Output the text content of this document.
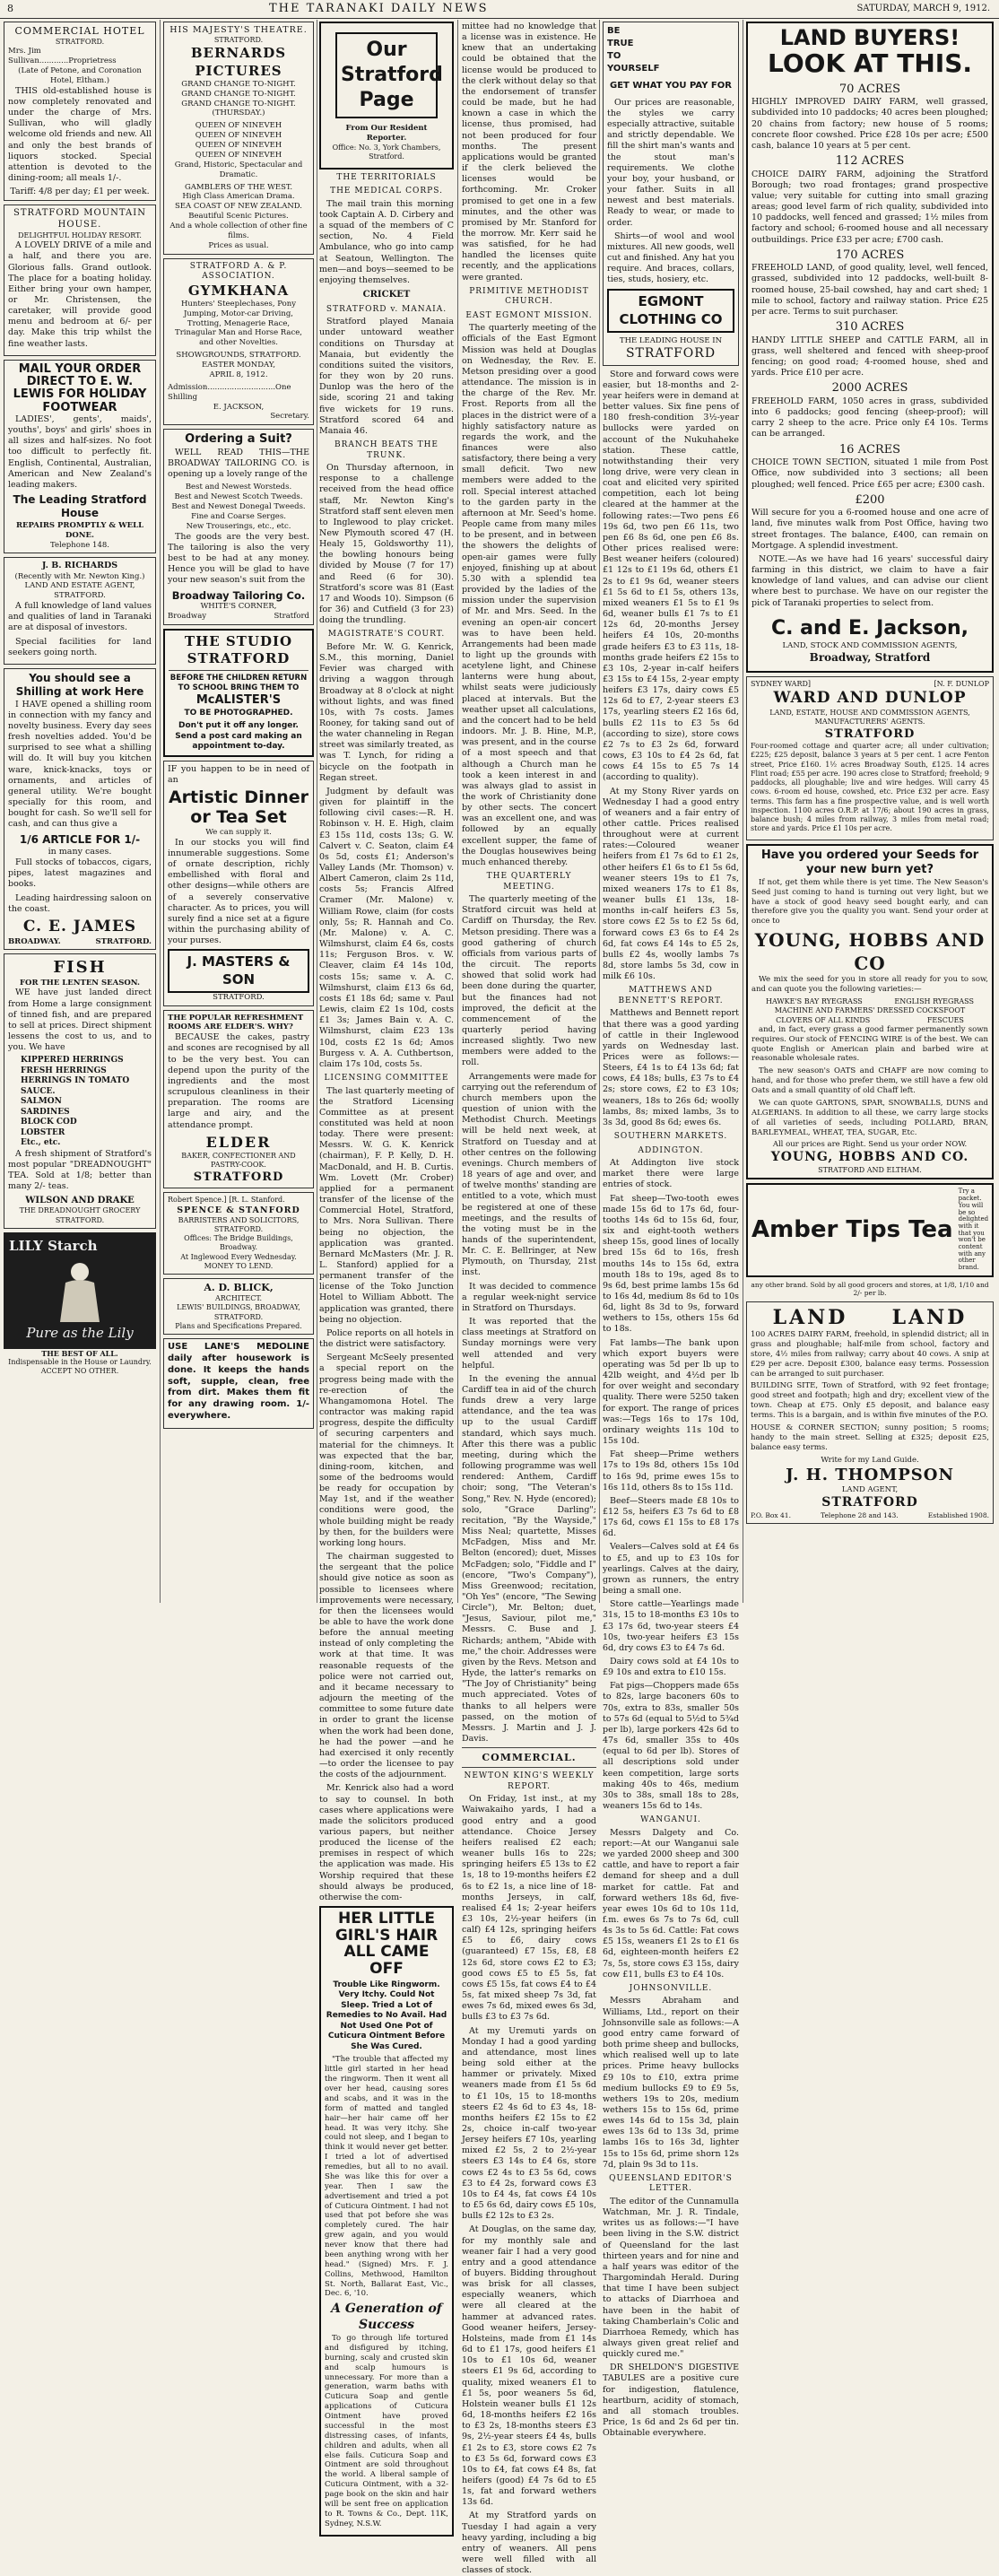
8	THE TARANAKI DAILY NEWS	SATURDAY, MARCH 9, 1912.
COMMERCIAL HOTEL
STRATFORD.
Mrs. Jim Sullivan............Proprietress
(Late of Petone, and Coronation Hotel, Eltham.)

THIS old-established house is now completely renovated and under the charge of Mrs. Sullivan, who will gladly welcome old friends and new. All and only the best brands of liquors stocked. Special attention is devoted to the dining-room; all meals 1/-.

Tariff: 4/8 per day; £1 per week.
STRATFORD MOUNTAIN HOUSE.
DELIGHTFUL HOLIDAY RESORT.

A LOVELY DRIVE of a mile and a half, and there you are. Glorious falls. Grand outlook. The place for a boating holiday. Either bring your own hamper, or Mr. Christensen, the caretaker, will provide good menu and bedroom at 6/- per day. Make this trip whilst the fine weather lasts.

MAIL YOUR ORDER DIRECT TO E. W. LEWIS FOR HOLIDAY FOOTWEAR

LADIES', gents', maids', youths', boys' and girls' shoes in all sizes and half-sizes. No foot too difficult to perfectly fit. English, Continental, Australian, American and New Zealand's leading makers.

The Leading Stratford House
REPAIRS PROMPTLY & WELL DONE.
Telephone 148.
J. B. RICHARDS
(Recently with Mr. Newton King.)
LAND AND ESTATE AGENT,
STRATFORD.

A full knowledge of land values and qualities of land in Taranaki are at disposal of investors.

Special facilities for land seekers going north.

You should see a Shilling at work Here

I HAVE opened a shilling room in connection with my fancy and novelty business. Every day sees fresh novelties added. You'd be surprised to see what a shilling will do. It will buy you kitchen ware, knick-knacks, toys or ornaments, and articles of general utility. We're bought specially for this room, and bought for cash. So we'll sell for cash, and can thus give a

1/6 ARTICLE FOR 1/-
in many cases.

Full stocks of tobaccos, cigars, pipes, latest magazines and books.

Leading hairdressing saloon on the coast.

C. E. JAMES
BROADWAY.	STRATFORD.
FISH
FOR THE LENTEN SEASON.

WE have just landed direct from Home a large consignment of tinned fish, and are prepared to sell at prices. Direct shipment lessens the cost to us, and to you. We have

KIPPERED HERRINGS
FRESH HERRINGS
HERRINGS IN TOMATO SAUCE.
SALMON
SARDINES
BLOCK COD
LOBSTER
Etc., etc.

A fresh shipment of Stratford's most popular "DREADNOUGHT" TEA. Sold at 1/8; better than many 2/- teas.

WILSON AND DRAKE
THE DREADNOUGHT GROCERY
STRATFORD.
LILY Starch
Pure as the Lily
THE BEST OF ALL.
Indispensable in the House or Laundry.
ACCEPT NO OTHER.
HIS MAJESTY'S THEATRE.
STRATFORD.
BERNARDS PICTURES
GRAND CHANGE TO-NIGHT.
GRAND CHANGE TO-NIGHT.
GRAND CHANGE TO-NIGHT.
(THURSDAY.)
QUEEN OF NINEVEH
QUEEN OF NINEVEH
QUEEN OF NINEVEH
QUEEN OF NINEVEH
Grand, Historic, Spectacular and Dramatic.
GAMBLERS OF THE WEST.
High Class American Drama.
SEA COAST OF NEW ZEALAND.
Beautiful Scenic Pictures.
And a whole collection of other fine films.
Prices as usual.
STRATFORD A. & P. ASSOCIATION.
GYMKHANA
Hunters' Steeplechases, Pony Jumping, Motor-car Driving, Trotting, Menagerie Race, Trinagular Man and Horse Race, and other Novelties.
SHOWGROUNDS, STRATFORD.
EASTER MONDAY,
APRIL 8, 1912.
Admission............................One Shilling
E. JACKSON,
Secretary.
Ordering a Suit?

WELL READ THIS—THE BROADWAY TAILORING CO. is opening up a lovely range of the

Best and Newest Worsteds.
Best and Newest Scotch Tweeds.
Best and Newest Donegal Tweeds.
Fine and Coarse Serges.
New Trouserings, etc., etc.

The goods are the very best. The tailoring is also the very best to be had at any money. Hence you will be glad to have your new season's suit from the

Broadway Tailoring Co.
WHITE'S CORNER,
Broadway	Stratford
THE STUDIO
STRATFORD
BEFORE THE CHILDREN RETURN TO SCHOOL BRING THEM TO
McALISTER'S
TO BE PHOTOGRAPHED.
Don't put it off any longer. Send a post card making an appointment to-day.

IF you happen to be in need of an

Artistic Dinner or Tea Set
We can supply it.

In our stocks you will find innumerable suggestions. Some of ornate description, richly embellished with floral and other designs—while others are of a severely conservative character. As to prices, you will surely find a nice set at a figure within the purchasing ability of your purses.

J. MASTERS & SON
STRATFORD.
THE POPULAR REFRESHMENT ROOMS ARE ELDER'S. WHY?

BECAUSE the cakes, pastry and scones are recognised by all to be the very best. You can depend upon the purity of the ingredients and the most scrupulous cleanliness in their preparation. The rooms are large and airy, and the attendance prompt.

ELDER
BAKER, CONFECTIONER AND PASTRY-COOK.
STRATFORD
Robert Spence.] [R. L. Stanford.
SPENCE & STANFORD
BARRISTERS AND SOLICITORS, STRATFORD.
Offices: The Bridge Buildings, Broadway.
At Inglewood Every Wednesday.
MONEY TO LEND.
A. D. BLICK,
ARCHITECT.
LEWIS' BUILDINGS, BROADWAY, STRATFORD.
Plans and Specifications Prepared.

USE LANE'S MEDOLINE daily after housework is done. It keeps the hands soft, supple, clean, free from dirt. Makes them fit for any drawing room. 1/- everywhere.

Our Stratford Page
From Our Resident Reporter.
Office: No. 3, York Chambers, Stratford.
THE TERRITORIALS
THE MEDICAL CORPS.

The mail train this morning took Captain A. D. Cirbery and a squad of the members of C section, No. 4 Field Ambulance, who go into camp at Seatoun, Wellington. The men—and boys—seemed to be enjoying themselves.

CRICKET
STRATFORD v. MANAIA.

Stratford played Manaia under untoward weather conditions on Thursday at Manaia, but evidently the conditions suited the visitors, for they won by 20 runs. Dunlop was the hero of the side, scoring 21 and taking five wickets for 19 runs. Stratford scored 64 and Manaia 46.

BRANCH BEATS THE TRUNK.

On Thursday afternoon, in response to a challenge received from the head office staff, Mr. Newton King's Stratford staff sent eleven men to Inglewood to play cricket. New Plymouth scored 47 (H. Healy 15, Goldsworthy 11), the bowling honours being divided by Mouse (7 for 17) and Reed (6 for 30). Stratford's score was 81 (East 17 and Woods 10). Simpson (6 for 36) and Cutfield (3 for 23) doing the trundling.

MAGISTRATE'S COURT.

Before Mr. W. G. Kenrick, S.M., this morning, Daniel Fevier was charged with driving a waggon through Broadway at 8 o'clock at night without lights, and was fined 10s, with 7s costs. James Rooney, for taking sand out of the water channeling in Regan street was similarly treated, as was T. Lynch, for riding a bicycle on the footpath in Regan street.

Judgment by default was given for plaintiff in the following civil cases:—R. H. Robinson v. H. E. High, claim £3 15s 11d, costs 13s; G. W. Calvert v. C. Seaton, claim £4 0s 5d, costs £1; Anderson's Valley Lands (Mr. Thomson) v. Albert Cameron, claim 2s 11d, costs 5s; Francis Alfred Cramer (Mr. Malone) v. William Rowe, claim (for costs only, 5s; R. Hannah and Co. (Mr. Malone) v. A. C. Wilmshurst, claim £4 6s, costs 11s; Ferguson Bros. v. W. Cleaver, claim £4 14s 10d, costs 15s; same v. A. C. Wilmshurst, claim £13 6s 6d, costs £1 18s 6d; same v. Paul Lewis, claim £2 1s 10d, costs £1 3s; James Bain v. A. C. Wilmshurst, claim £23 13s 10d, costs £2 1s 6d; Amos Burgess v. A. A. Cuthbertson, claim 17s 10d, costs 5s.

LICENSING COMMITTEE

The last quarterly meeting of the Stratford Licensing Committee as at present constituted was held at noon today. There were present: Messrs. W. G. K. Kenrick (chairman), F. P. Kelly, D. H. MacDonald, and H. B. Curtis. Wm. Lovett (Mr. Crober) applied for a permanent transfer of the license of the Commercial Hotel, Stratford, to Mrs. Nora Sullivan. There being no objection, the application was granted. Bernard McMasters (Mr. J. R. L. Stanford) applied for a permanent transfer of the license of the Toko Junction Hotel to William Abbott. The application was granted, there being no objection.

Police reports on all hotels in the district were satisfactory.

Sergeant McSeely presented a special report on the progress being made with the re-erection of the Whangamomona Hotel. The contractor was making rapid progress, despite the difficulty of securing carpenters and material for the chimneys. It was expected that the bar, dining-room, kitchen, and some of the bedrooms would be ready for occupation by May 1st, and if the weather conditions were good, the whole building might be ready by then, for the builders were working long hours.

The chairman suggested to the sergeant that the police should give notice as soon as possible to licensees where improvements were necessary, for then the licensees would be able to have the work done before the annual meeting instead of only completing the work at that time. It was reasonable requests of the police were not carried out, and it became necessary to adjourn the meeting of the committee to some future date in order to grant the license when the work had been done, he had the power —and he had exercised it only recently —to order the licensee to pay the costs of the adjournment.

Mr. Kenrick also had a word to say to counsel. In both cases where applications were made the solicitors produced various papers, but neither produced the license of the premises in respect of which the application was made. His Worship required that these should always be produced, otherwise the com-

HER LITTLE GIRL'S HAIR ALL CAME OFF
Trouble Like Ringworm. Very Itchy. Could Not Sleep. Tried a Lot of Remedies to No Avail. Had Not Used One Pot of Cuticura Ointment Before She Was Cured.

"The trouble that affected my little girl started in her head the ringworm. Then it went all over her head, causing sores and scabs, and it was in the form of matted and tangled hair—her hair came off her head. It was very itchy. She could not sleep, and I began to think it would never get better. I tried a lot of advertised remedies, but all to no avail. She was like this for over a year. Then I saw the advertisement and tried a pot of Cuticura Ointment. I had not used that pot before she was completely cured. The hair grew again, and you would never know that there had been anything wrong with her head." (Signed) Mrs. F. J. Collins, Methwood, Hamilton St. North, Ballarat East, Vic., Dec. 6, '10.

A Generation of Success

To go through life tortured and disfigured by itching, burning, scaly and crusted skin and scalp humours is unnecessary. For more than a generation, warm baths with Cuticura Soap and gentle applications of Cuticura Ointment have proved successful in the most distressing cases, of infants, children and adults, when all else fails. Cuticura Soap and Ointment are sold throughout the world. A liberal sample of Cuticura Ointment, with a 32-page book on the skin and hair will be sent free on application to R. Towns & Co., Dept. 11K, Sydney, N.S.W.

mittee had no knowledge that a license was in existence. He knew that an undertaking could be obtained that the license would be produced to the clerk without delay so that the endorsement of transfer could be made, but he had known a case in which the license, thus promised, had not been produced for four months. The present applications would be granted if the clerk believed the licenses would be forthcoming. Mr. Croker promised to get one in a few minutes, and the other was promised by Mr. Stanford for the morrow. Mr. Kerr said he was satisfied, for he had handled the licenses quite recently, and the applications were granted.

PRIMITIVE METHODIST CHURCH.
EAST EGMONT MISSION.

The quarterly meeting of the officials of the East Egmont Mission was held at Douglas on Wednesday, the Rev. E. Metson presiding over a good attendance. The mission is in the charge of the Rev. Mr. Frost. Reports from all the places in the district were of a highly satisfactory nature as regards the work, and the finances were also satisfactory, there being a very small deficit. Two new members were added to the roll. Special interest attached to the garden party in the afternoon at Mr. Seed's home. People came from many miles to be present, and in between the showers the delights of open-air games were fully enjoyed, finishing up at about 5.30 with a splendid tea provided by the ladies of the mission under the supervision of Mr. and Mrs. Seed. In the evening an open-air concert was to have been held. Arrangements had been made to light up the grounds with acetylene light, and Chinese lanterns were hung about, whilst seats were judiciously placed at intervals. But the weather upset all calculations, and the concert had to be held indoors. Mr. J. B. Hine, M.P., was present, and in the course of a most speech and that although a Church man he took a keen interest in and was always glad to assist in the work of Christianity done by other sects. The concert was an excellent one, and was followed by an equally excellent supper, the fame of the Douglas housewives being much enhanced thereby.

THE QUARTERLY MEETING.

The quarterly meeting of the Stratford circuit was held at Cardiff on Thursday, the Rev. Metson presiding. There was a good gathering of church officials from various parts of the circuit. The reports showed that solid work had been done during the quarter, but the finances had not improved, the deficit at the commencement of the quarterly period having increased slightly. Two new members were added to the roll.

Arrangements were made for carrying out the referendum of church members upon the question of union with the Methodist Church. Meetings will be held next week, at Stratford on Tuesday and at other centres on the following evenings. Church members of 18 years of age and over, and of twelve months' standing are entitled to a vote, which must be registered at one of these meetings, and the results of the voting must be in the hands of the superintendent, Mr. C. E. Bellringer, at New Plymouth, on Thursday, 21st inst.

It was decided to commence a regular week-night service in Stratford on Thursdays.

It was reported that the class meetings at Stratford on Sunday mornings were very well attended and very helpful.

In the evening the annual Cardiff tea in aid of the church funds drew a very large attendance, and the tea was up to the usual Cardiff standard, which says much. After this there was a public meeting, during which the following programme was well rendered: Anthem, Cardiff choir; song, "The Veteran's Song," Rev. N. Hyde (encored); solo, "Grace Darling"; recitation, "By the Wayside," Miss Neal; quartette, Misses McFadgen, Miss and Mr. Belton (encored); duet, Misses McFadgen; solo, "Fiddle and I" (encore, "Two's Company"), Miss Greenwood; recitation, "Oh Yes" (encore, "The Sewing Circle"), Mr. Belton; duet, "Jesus, Saviour, pilot me," Messrs. C. Buse and J. Richards; anthem, "Abide with me," the choir. Addresses were given by the Revs. Metson and Hyde, the latter's remarks on "The Joy of Christianity" being much appreciated. Votes of thanks to all helpers were passed, on the motion of Messrs. J. Martin and J. J. Davis.

COMMERCIAL.
NEWTON KING'S WEEKLY REPORT.

On Friday, 1st inst., at my Waiwakaiho yards, I had a good entry and a good attendance. Choice Jersey heifers realised £2 each; weaner bulls 16s to 22s; springing heifers £5 13s to £2 1s, 18 to 19-months heifers £2 6s to £2 1s, a nice line of 18-months Jerseys, in calf, realised £4 1s; 2-year heifers £3 10s, 2½-year heifers (in calf) £4 12s, springing heifers £5 to £6, dairy cows (guaranteed) £7 15s, £8, £8 12s 6d, store cows £2 to £3; good cows £5 to £5 5s, fat cows £5 15s, fat cows £4 to £4 5s, fat mixed sheep 7s 3d, fat ewes 7s 6d, mixed ewes 6s 3d, bulls £3 to £3 7s 6d.

At my Uremuti yards on Monday I had a good yarding and attendance, most lines being sold either at the hammer or privately. Mixed weaners made from £1 5s 6d to £1 10s, 15 to 18-months steers £2 4s 6d to £3 4s, 18-months heifers £2 15s to £2 2s, choice in-calf two-year Jersey heifers £7 10s, yearling mixed £2 5s, 2 to 2½-year steers £3 14s to £4 6s, store cows £2 4s to £3 5s 6d, cows £3 to £4 2s, forward cows £3 10s to £4 4s, fat cows £4 10s to £5 6s 6d, dairy cows £5 10s, bulls £2 12s to £3 2s.

At Douglas, on the same day, for my monthly sale and weaner fair I had a very good entry and a good attendance of buyers. Bidding throughout was brisk for all classes, especially weaners, which were all cleared at the hammer at advanced rates. Good weaner heifers, Jersey-Holsteins, made from £1 14s 6d to £1 17s, good heifers £1 10s to £1 10s 6d, weaner steers £1 9s 6d, according to quality, mixed weaners £1 to £1 5s, poor weaners 5s 6d, Holstein weaner bulls £1 12s 6d, 18-months heifers £2 16s to £3 2s, 18-months steers £3 9s, 2½-year steers £4 4s, bulls £1 2s to £3, store cows £2 7s to £3 5s 6d, forward cows £3 10s to £4, fat cows £4 8s, fat heifers (good) £4 7s 6d to £5 1s, fat and forward wethers 13s 6d.

At my Stratford yards on Tuesday I had again a very heavy yarding, including a big entry of weaners. All pens were well filled with all classes of stock.

BE
TRUE
TO
YOURSELF
GET WHAT YOU PAY FOR

Our prices are reasonable, the styles we carry especially attractive, suitable and strictly dependable. We fill the shirt man's wants and the stout man's requirements. We clothe your boy, your husband, or your father. Suits in all newest and best materials. Ready to wear, or made to order.

Shirts—of wool and wool mixtures. All new goods, well cut and finished. Any hat you require. And braces, collars, ties, studs, hosiery, etc.

EGMONT CLOTHING CO
THE LEADING HOUSE IN
STRATFORD

Store and forward cows were easier, but 18-months and 2-year heifers were in demand at better values. Six fine pens of 180 fresh-condition 3½-year bullocks were yarded on account of the Nukuhaheke station. These cattle, notwithstanding their very long drive, were very clean in coat and elicited very spirited competition, each lot being cleared at the hammer at the following rates:—Two pens £6 19s 6d, two pen £6 11s, two pen £6 8s 6d, one pen £6 8s. Other prices realised were: Best weaner heifers (coloured) £1 12s to £1 19s 6d, others £1 2s to £1 9s 6d, weaner steers £1 5s 6d to £1 5s, others 13s, mixed weaners £1 5s to £1 9s 6d, weaner bulls £1 7s to £1 12s 6d, 20-months Jersey heifers £4 10s, 20-months grade heifers £3 to £3 11s, 18-months grade heifers £2 15s to £3 10s, 2-year in-calf heifers £3 15s to £4 15s, 2-year empty heifers £3 17s, dairy cows £5 12s 6d to £7, 2-year steers £3 17s, yearling steers £2 16s 6d, bulls £2 11s to £3 5s 6d (according to size), store cows £2 7s to £3 2s 6d, forward cows, £3 10s to £4 2s 6d, fat cows £4 15s to £5 7s 14 (according to quality).

At my Stony River yards on Wednesday I had a good entry of weaners and a fair entry of other cattle. Prices realised throughout were at current rates:—Coloured weaner heifers from £1 7s 6d to £1 2s, other heifers £1 6s to £1 5s 6d, weaner steers 19s to £1 7s, mixed weaners 17s to £1 8s, weaner bulls £1 13s, 18-months in-calf heifers £3 5s, store cows £2 5s to £2 5s 6d, forward cows £3 6s to £4 2s 6d, fat cows £4 14s to £5 2s, bulls £2 4s, woolly lambs 7s 8d, store lambs 5s 3d, cow in milk £6 10s.

MATTHEWS AND BENNETT'S REPORT.

Matthews and Bennett report that there was a good yarding of cattle in their Inglewood yards on Wednesday last. Prices were as follows:—Steers, £4 1s to £4 13s 6d; fat cows, £4 18s; bulls, £3 7s to £4 2s; store cows, £2 to £3 10s; weaners, 18s to 26s 6d; woolly lambs, 8s; mixed lambs, 3s to 3s 3d, good 8s 6d; ewes 6s.

SOUTHERN MARKETS.
ADDINGTON.

At Addington live stock market there were large entries of stock.

Fat sheep—Two-tooth ewes made 15s 6d to 17s 6d, four-tooths 14s 6d to 15s 6d, four, six and eight-tooth wethers sheep 15s, good lines of locally bred 15s 6d to 16s, fresh mouths 14s to 15s 6d, extra mouth 18s to 19s, aged 8s to 9s 6d, best prime lambs 15s 6d to 16s 4d, medium 8s 6d to 10s 6d, light 8s 3d to 9s, forward wethers to 15s, others 15s 6d to 18s.

Fat lambs—The bank upon which export buyers were operating was 5d per lb up to 42lb weight, and 4½d per lb for over weight and secondary quality. There were 5250 taken for export. The range of prices was:—Tegs 16s to 17s 10d, ordinary weights 11s 10d to 15s 10d.

Fat sheep—Prime wethers 17s to 19s 8d, others 15s 10d to 16s 9d, prime ewes 15s to 16s 11d, others 8s to 15s 11d.

Beef—Steers made £8 10s to £12 5s, heifers £3 7s 6d to £8 17s 6d, cows £1 15s to £8 17s 6d.

Vealers—Calves sold at £4 6s to £5, and up to £3 10s for yearlings. Calves at the dairy, grown as runners, the entry being a small one.

Store cattle—Yearlings made 31s, 15 to 18-months £3 10s to £3 17s 6d, two-year steers £4 10s, two-year heifers £3 15s 6d, dry cows £3 to £4 7s 6d.

Dairy cows sold at £4 10s to £9 10s and extra to £10 15s.

Fat pigs—Choppers made 65s to 82s, large baconers 60s to 70s, extra to 83s, smaller 50s to 57s 6d (equal to 5½d to 5¾d per lb), large porkers 42s 6d to 47s 6d, smaller 35s to 40s (equal to 6d per lb). Stores of all descriptions sold under keen competition, large sorts making 40s to 46s, medium 30s to 38s, small 18s to 28s, weaners 15s 6d to 14s.

WANGANUI.

Messrs Dalgety and Co. report:—At our Wanganui sale we yarded 2000 sheep and 300 cattle, and have to report a fair demand for sheep and a dull market for cattle. Fat and forward wethers 18s 6d, five-year ewes 10s 6d to 10s 11d, f.m. ewes 6s 7s to 7s 6d, cull 4s 3s to 5s 6d. Cattle: Fat cows £5 15s, weaners £1 2s to £1 6s 6d, eighteen-month heifers £2 7s, 5s, store cows £3 15s, dairy cow £11, bulls £3 to £4 10s.

JOHNSONVILLE.

Messrs Abraham and Williams, Ltd., report on their Johnsonville sale as follows:—A good entry came forward of both prime sheep and bullocks, which realised well up to late prices. Prime heavy bullocks £9 10s to £10, extra prime medium bullocks £9 to £9 5s, wethers 19s to 20s, medium wethers 15s to 15s 6d, prime ewes 14s 6d to 15s 3d, plain ewes 13s 6d to 13s 3d, prime lambs 16s to 16s 3d, lighter 15s to 15s 6d, prime shorn 12s 7d, plain 9s 3d to 11s.

QUEENSLAND EDITOR'S LETTER.

The editor of the Cunnamulla Watchman, Mr. J. R. Tindale, writes us as follows:—"I have been living in the S.W. district of Queensland for the last thirteen years and for nine and a half years was editor of the Thargomindah Herald. During that time I have been subject to attacks of Diarrhoea and have been in the habit of taking Chamberlain's Colic and Diarrhoea Remedy, which has always given great relief and quickly cured me."

DR SHELDON'S DIGESTIVE TABULES are a positive cure for indigestion, flatulence, heartburn, acidity of stomach, and all stomach troubles. Price, 1s 6d and 2s 6d per tin. Obtainable everywhere.

LAND BUYERS!
LOOK AT THIS.
70 ACRES

HIGHLY IMPROVED DAIRY FARM, well grassed, subdivided into 10 paddocks; 40 acres been ploughed; 20 chains from factory; new house of 5 rooms; concrete floor cowshed. Price £28 10s per acre; £500 cash, balance 10 years at 5 per cent.

112 ACRES

CHOICE DAIRY FARM, adjoining the Stratford Borough; two road frontages; grand prospective value; very suitable for cutting into small grazing areas; good level farm of rich quality, subdivided into 10 paddocks, well fenced and grassed; 1½ miles from factory and school; 6-roomed house and all necessary outbuildings. Price £33 per acre; £700 cash.

170 ACRES

FREEHOLD LAND, of good quality, level, well fenced, grassed, subdivided into 12 paddocks, well-built 8-roomed house, 25-bail cowshed, hay and cart shed; 1 mile to school, factory and railway station. Price £25 per acre. Terms to suit purchaser.

310 ACRES

HANDY LITTLE SHEEP and CATTLE FARM, all in grass, well sheltered and fenced with sheep-proof fencing; on good road; 4-roomed house, shed and yards. Price £10 per acre.

2000 ACRES

FREEHOLD FARM, 1050 acres in grass, subdivided into 6 paddocks; good fencing (sheep-proof); will carry 2 sheep to the acre. Price only £4 10s. Terms can be arranged.

16 ACRES

CHOICE TOWN SECTION, situated 1 mile from Post Office, now subdivided into 3 sections; all been ploughed; well fenced. Price £65 per acre; £300 cash.

£200

Will secure for you a 6-roomed house and one acre of land, five minutes walk from Post Office, having two street frontages. The balance, £400, can remain on Mortgage. A splendid investment.

NOTE.—As we have had 16 years' successful dairy farming in this district, we claim to have a fair knowledge of land values, and can advise our client where best to purchase. We have on our register the pick of Taranaki properties to select from.

C. and E. Jackson,
LAND, STOCK AND COMMISSION AGENTS,
Broadway, Stratford
SYDNEY WARD]	[N. F. DUNLOP
WARD AND DUNLOP
LAND, ESTATE, HOUSE AND COMMISSION AGENTS, MANUFACTURERS' AGENTS.
STRATFORD

Four-roomed cottage and quarter acre; all under cultivation; £225; £25 deposit, balance 3 years at 5 per cent. 1 acre Fenton street, Price £160. 1½ acres Broadway South, £125. 14 acres Flint road; £55 per acre. 190 acres close to Stratford; freehold; 9 paddocks, all ploughable; live and wire hedges. Will carry 45 cows. 6-room ed house, cowshed, etc. Price £32 per acre. Easy terms. This farm has a fine prospective value, and is well worth inspection. 1100 acres O.R.P. at 17/6; about 190 acres in grass, balance bush; 4 miles from railway, 3 miles from metal road; store and yards. Price £1 10s per acre.

Have you ordered your Seeds for your new burn yet?

If not, get them while there is yet time. The New Season's Seed just coming to hand is turning out very light, but we have a stock of good heavy seed bought early, and can therefore give you the quality you want. Send your order at once to

YOUNG, HOBBS AND CO

We mix the seed for you in store all ready for you to sow, and can quote you the following varieties:—

HAWKE'S BAY RYEGRASS              ENGLISH RYEGRASS
MACHINE AND FARMERS' DRESSED COCKSFOOT
CLOVERS OF ALL KINDS                         FESCUES

and, in fact, every grass a good farmer permanently sown requires. Our stock of FENCING WIRE is of the best. We can quote English or American plain and barbed wire at reasonable wholesale rates.

The new season's OATS and CHAFF are now coming to hand, and for those who prefer them, we still have a few old Oats and a small quantity of old Chaff left.

We can quote GARTONS, SPAR, SNOWBALLS, DUNS and ALGERIANS. In addition to all these, we carry large stocks of all varieties of seeds, including POLLARD, BRAN, BARLEYMEAL, WHEAT, TEA, SUGAR, Etc.

All our prices are Right. Send us your order NOW.
YOUNG, HOBBS AND CO.
STRATFORD AND ELTHAM.
Amber Tips Tea
Try a packet. You will be so delighted with it that you won't be content with any other brand.
any other brand. Sold by all good grocers and stores, at 1/8, 1/10 and 2/- per lb.
LAND LAND

100 ACRES DAIRY FARM, freehold, in splendid district; all in grass and ploughable; half-mile from school, factory and store, 4½ miles from railway; carry about 40 cows. A snip at £29 per acre. Deposit £300, balance easy terms. Possession can be arranged to suit purchaser.

BUILDING SITE, Town of Stratford, with 92 feet frontage; good street and footpath; high and dry; excellent view of the town. Cheap at £75. Only £5 deposit, and balance easy terms. This is a bargain, and is within five minutes of the P.O.

HOUSE & CORNER SECTION; sunny position; 5 rooms; handy to the main street. Selling at £325; deposit £25, balance easy terms.

Write for my Land Guide.
J. H. THOMPSON
LAND AGENT,
STRATFORD
P.O. Box 41.	Telephone 28 and 143.	Established 1908.
